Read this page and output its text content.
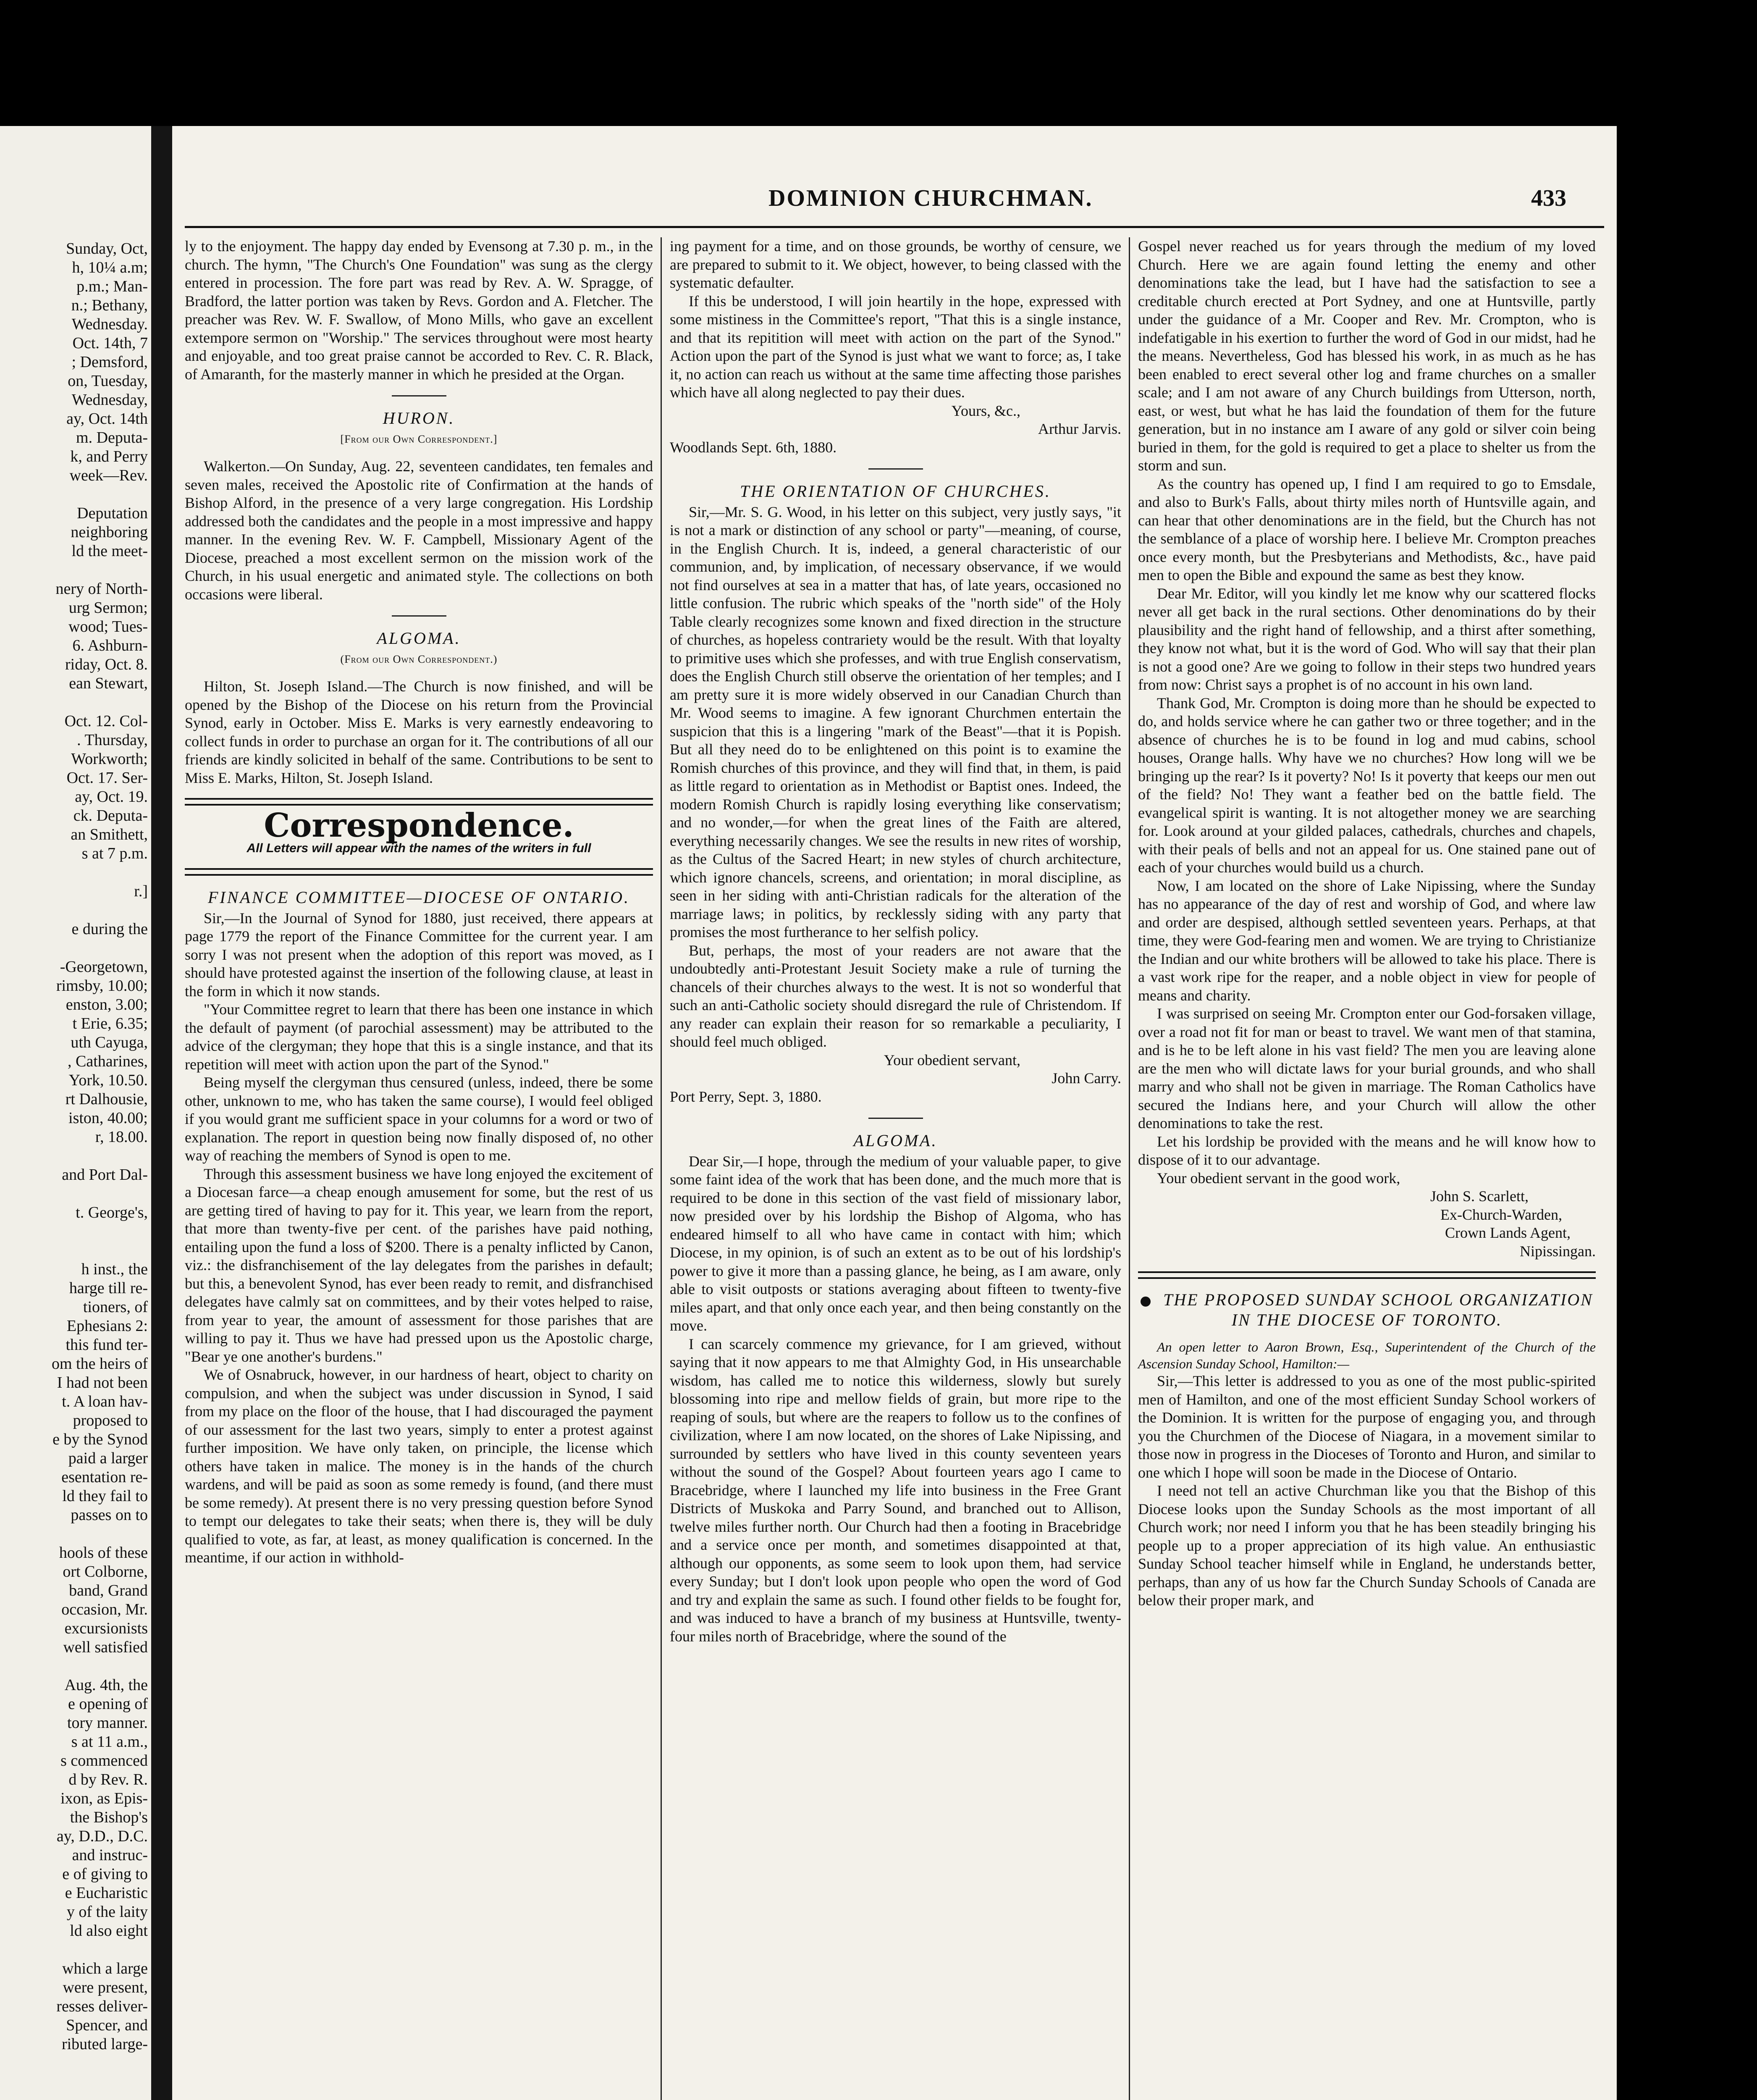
Sunday, Oct,
h, 10¼ a.m;
p.m.; Man-
n.; Bethany,
Wednesday.
Oct. 14th, 7
; Demsford,
on, Tuesday,
Wednesday,
ay, Oct. 14th
m. Deputa-
k, and Perry
week—Rev.
Deputation
neighboring
ld the meet-
nery of North-
urg Sermon;
wood; Tues-
6. Ashburn-
riday, Oct. 8.
ean Stewart,
Oct. 12. Col-
. Thursday,
Workworth;
Oct. 17. Ser-
ay, Oct. 19.
ck. Deputa-
an Smithett,
s at 7 p.m.
r.]
e during the
-Georgetown,
rimsby, 10.00;
enston, 3.00;
t Erie, 6.35;
uth Cayuga,
, Catharines,
York, 10.50.
rt Dalhousie,
iston, 40.00;
r, 18.00.
and Port Dal-
t. George's,
h inst., the
harge till re-
tioners, of
Ephesians 2:
this fund ter-
om the heirs of
I had not been
t. A loan hav-
proposed to
e by the Synod
paid a larger
esentation re-
ld they fail to
passes on to
hools of these
ort Colborne,
band, Grand
occasion, Mr.
excursionists
well satisfied
Aug. 4th, the
e opening of
tory manner.
s at 11 a.m.,
s commenced
d by Rev. R.
ixon, as Epis-
the Bishop's
ay, D.D., D.C.
and instruc-
e of giving to
e Eucharistic
y of the laity
ld also eight
which a large
were present,
resses deliver-
Spencer, and
ributed large-
DOMINION CHURCHMAN.	433

ly to the enjoyment. The happy day ended by Evensong at 7.30 p. m., in the church. The hymn, "The Church's One Foundation" was sung as the clergy entered in procession. The fore part was read by Rev. A. W. Spragge, of Bradford, the latter portion was taken by Revs. Gordon and A. Fletcher. The preacher was Rev. W. F. Swallow, of Mono Mills, who gave an excellent extempore sermon on "Worship." The services throughout were most hearty and enjoyable, and too great praise cannot be accorded to Rev. C. R. Black, of Amaranth, for the masterly manner in which he presided at the Organ.

HURON.
[From our Own Correspondent.]

Walkerton.—On Sunday, Aug. 22, seventeen candidates, ten females and seven males, received the Apostolic rite of Confirmation at the hands of Bishop Alford, in the presence of a very large congregation. His Lordship addressed both the candidates and the people in a most impressive and happy manner. In the evening Rev. W. F. Campbell, Missionary Agent of the Diocese, preached a most excellent sermon on the mission work of the Church, in his usual energetic and animated style. The collections on both occasions were liberal.

ALGOMA.
(From our Own Correspondent.)

Hilton, St. Joseph Island.—The Church is now finished, and will be opened by the Bishop of the Diocese on his return from the Provincial Synod, early in October. Miss E. Marks is very earnestly endeavoring to collect funds in order to purchase an organ for it. The contributions of all our friends are kindly solicited in behalf of the same. Contributions to be sent to Miss E. Marks, Hilton, St. Joseph Island.

Correspondence.
All Letters will appear with the names of the writers in full
FINANCE COMMITTEE—DIOCESE OF ONTARIO.

Sir,—In the Journal of Synod for 1880, just received, there appears at page 1779 the report of the Finance Committee for the current year. I am sorry I was not present when the adoption of this report was moved, as I should have protested against the insertion of the following clause, at least in the form in which it now stands.

"Your Committee regret to learn that there has been one instance in which the default of payment (of parochial assessment) may be attributed to the advice of the clergyman; they hope that this is a single instance, and that its repetition will meet with action upon the part of the Synod."

Being myself the clergyman thus censured (unless, indeed, there be some other, unknown to me, who has taken the same course), I would feel obliged if you would grant me sufficient space in your columns for a word or two of explanation. The report in question being now finally disposed of, no other way of reaching the members of Synod is open to me.

Through this assessment business we have long enjoyed the excitement of a Diocesan farce—a cheap enough amusement for some, but the rest of us are getting tired of having to pay for it. This year, we learn from the report, that more than twenty-five per cent. of the parishes have paid nothing, entailing upon the fund a loss of $200. There is a penalty inflicted by Canon, viz.: the disfranchisement of the lay delegates from the parishes in default; but this, a benevolent Synod, has ever been ready to remit, and disfranchised delegates have calmly sat on committees, and by their votes helped to raise, from year to year, the amount of assessment for those parishes that are willing to pay it. Thus we have had pressed upon us the Apostolic charge, "Bear ye one another's burdens."

We of Osnabruck, however, in our hardness of heart, object to charity on compulsion, and when the subject was under discussion in Synod, I said from my place on the floor of the house, that I had discouraged the payment of our assessment for the last two years, simply to enter a protest against further imposition. We have only taken, on principle, the license which others have taken in malice. The money is in the hands of the church wardens, and will be paid as soon as some remedy is found, (and there must be some remedy). At present there is no very pressing question before Synod to tempt our delegates to take their seats; when there is, they will be duly qualified to vote, as far, at least, as money qualification is concerned. In the meantime, if our action in withhold-

ing payment for a time, and on those grounds, be worthy of censure, we are prepared to submit to it. We object, however, to being classed with the systematic defaulter.

If this be understood, I will join heartily in the hope, expressed with some mistiness in the Committee's report, "That this is a single instance, and that its repitition will meet with action on the part of the Synod." Action upon the part of the Synod is just what we want to force; as, I take it, no action can reach us without at the same time affecting those parishes which have all along neglected to pay their dues.

Yours, &c.,
Arthur Jarvis.
Woodlands Sept. 6th, 1880.
THE ORIENTATION OF CHURCHES.

Sir,—Mr. S. G. Wood, in his letter on this subject, very justly says, "it is not a mark or distinction of any school or party"—meaning, of course, in the English Church. It is, indeed, a general characteristic of our communion, and, by implication, of necessary observance, if we would not find ourselves at sea in a matter that has, of late years, occasioned no little confusion. The rubric which speaks of the "north side" of the Holy Table clearly recognizes some known and fixed direction in the structure of churches, as hopeless contrariety would be the result. With that loyalty to primitive uses which she professes, and with true English conservatism, does the English Church still observe the orientation of her temples; and I am pretty sure it is more widely observed in our Canadian Church than Mr. Wood seems to imagine. A few ignorant Churchmen entertain the suspicion that this is a lingering "mark of the Beast"—that it is Popish. But all they need do to be enlightened on this point is to examine the Romish churches of this province, and they will find that, in them, is paid as little regard to orientation as in Methodist or Baptist ones. Indeed, the modern Romish Church is rapidly losing everything like conservatism; and no wonder,—for when the great lines of the Faith are altered, everything necessarily changes. We see the results in new rites of worship, as the Cultus of the Sacred Heart; in new styles of church architecture, which ignore chancels, screens, and orientation; in moral discipline, as seen in her siding with anti-Christian radicals for the alteration of the marriage laws; in politics, by recklessly siding with any party that promises the most furtherance to her selfish policy.

But, perhaps, the most of your readers are not aware that the undoubtedly anti-Protestant Jesuit Society make a rule of turning the chancels of their churches always to the west. It is not so wonderful that such an anti-Catholic society should disregard the rule of Christendom. If any reader can explain their reason for so remarkable a peculiarity, I should feel much obliged.

Your obedient servant,
John Carry.
Port Perry, Sept. 3, 1880.
ALGOMA.

Dear Sir,—I hope, through the medium of your valuable paper, to give some faint idea of the work that has been done, and the much more that is required to be done in this section of the vast field of missionary labor, now presided over by his lordship the Bishop of Algoma, who has endeared himself to all who have came in contact with him; which Diocese, in my opinion, is of such an extent as to be out of his lordship's power to give it more than a passing glance, he being, as I am aware, only able to visit outposts or stations averaging about fifteen to twenty-five miles apart, and that only once each year, and then being constantly on the move.

I can scarcely commence my grievance, for I am grieved, without saying that it now appears to me that Almighty God, in His unsearchable wisdom, has called me to notice this wilderness, slowly but surely blossoming into ripe and mellow fields of grain, but more ripe to the reaping of souls, but where are the reapers to follow us to the confines of civilization, where I am now located, on the shores of Lake Nipissing, and surrounded by settlers who have lived in this county seventeen years without the sound of the Gospel? About fourteen years ago I came to Bracebridge, where I launched my life into business in the Free Grant Districts of Muskoka and Parry Sound, and branched out to Allison, twelve miles further north. Our Church had then a footing in Bracebridge and a service once per month, and sometimes disappointed at that, although our opponents, as some seem to look upon them, had service every Sunday; but I don't look upon people who open the word of God and try and explain the same as such. I found other fields to be fought for, and was induced to have a branch of my business at Huntsville, twenty-four miles north of Bracebridge, where the sound of the

Gospel never reached us for years through the medium of my loved Church. Here we are again found letting the enemy and other denominations take the lead, but I have had the satisfaction to see a creditable church erected at Port Sydney, and one at Huntsville, partly under the guidance of a Mr. Cooper and Rev. Mr. Crompton, who is indefatigable in his exertion to further the word of God in our midst, had he the means. Nevertheless, God has blessed his work, in as much as he has been enabled to erect several other log and frame churches on a smaller scale; and I am not aware of any Church buildings from Utterson, north, east, or west, but what he has laid the foundation of them for the future generation, but in no instance am I aware of any gold or silver coin being buried in them, for the gold is required to get a place to shelter us from the storm and sun.

As the country has opened up, I find I am required to go to Emsdale, and also to Burk's Falls, about thirty miles north of Huntsville again, and can hear that other denominations are in the field, but the Church has not the semblance of a place of worship here. I believe Mr. Crompton preaches once every month, but the Presbyterians and Methodists, &c., have paid men to open the Bible and expound the same as best they know.

Dear Mr. Editor, will you kindly let me know why our scattered flocks never all get back in the rural sections. Other denominations do by their plausibility and the right hand of fellowship, and a thirst after something, they know not what, but it is the word of God. Who will say that their plan is not a good one? Are we going to follow in their steps two hundred years from now: Christ says a prophet is of no account in his own land.

Thank God, Mr. Crompton is doing more than he should be expected to do, and holds service where he can gather two or three together; and in the absence of churches he is to be found in log and mud cabins, school houses, Orange halls. Why have we no churches? How long will we be bringing up the rear? Is it poverty? No! Is it poverty that keeps our men out of the field? No! They want a feather bed on the battle field. The evangelical spirit is wanting. It is not altogether money we are searching for. Look around at your gilded palaces, cathedrals, churches and chapels, with their peals of bells and not an appeal for us. One stained pane out of each of your churches would build us a church.

Now, I am located on the shore of Lake Nipissing, where the Sunday has no appearance of the day of rest and worship of God, and where law and order are despised, although settled seventeen years. Perhaps, at that time, they were God-fearing men and women. We are trying to Christianize the Indian and our white brothers will be allowed to take his place. There is a vast work ripe for the reaper, and a noble object in view for people of means and charity.

I was surprised on seeing Mr. Crompton enter our God-forsaken village, over a road not fit for man or beast to travel. We want men of that stamina, and is he to be left alone in his vast field? The men you are leaving alone are the men who will dictate laws for your burial grounds, and who shall marry and who shall not be given in marriage. The Roman Catholics have secured the Indians here, and your Church will allow the other denominations to take the rest.

Let his lordship be provided with the means and he will know how to dispose of it to our advantage.

Your obedient servant in the good work,
John S. Scarlett,
Ex-Church-Warden,
Crown Lands Agent,
Nipissingan.
THE PROPOSED SUNDAY SCHOOL ORGANIZATION IN THE DIOCESE OF TORONTO.

An open letter to Aaron Brown, Esq., Superintendent of the Church of the Ascension Sunday School, Hamilton:—

Sir,—This letter is addressed to you as one of the most public-spirited men of Hamilton, and one of the most efficient Sunday School workers of the Dominion. It is written for the purpose of engaging you, and through you the Churchmen of the Diocese of Niagara, in a movement similar to those now in progress in the Dioceses of Toronto and Huron, and similar to one which I hope will soon be made in the Diocese of Ontario.

I need not tell an active Churchman like you that the Bishop of this Diocese looks upon the Sunday Schools as the most important of all Church work; nor need I inform you that he has been steadily bringing his people up to a proper appreciation of its high value. An enthusiastic Sunday School teacher himself while in England, he understands better, perhaps, than any of us how far the Church Sunday Schools of Canada are below their proper mark, and
